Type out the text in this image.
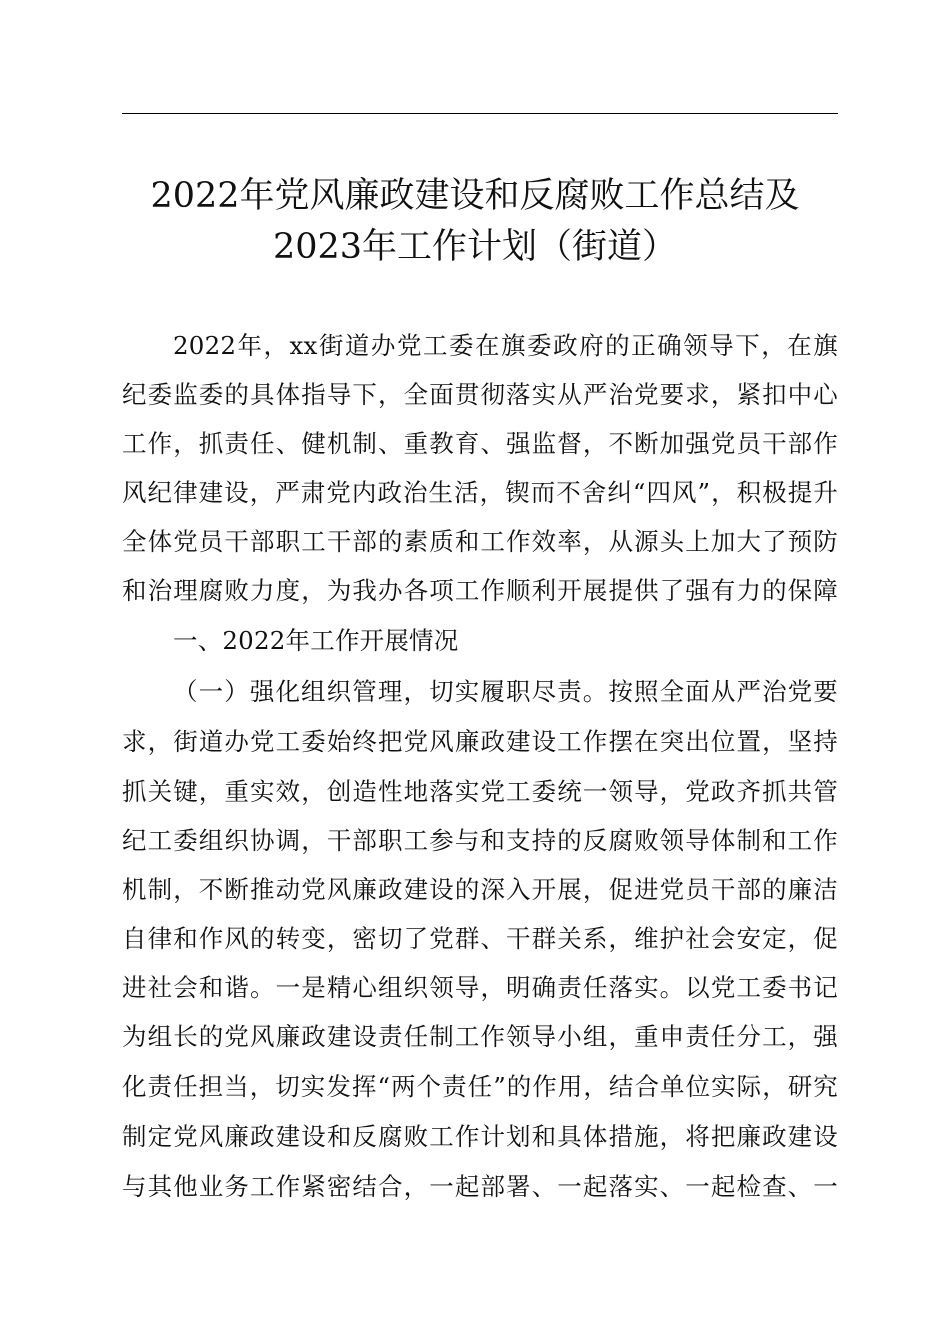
2022年党风廉政建设和反腐败工作总结及
2023年工作计划（街道）
2022年，xx街道办党工委在旗委政府的正确领导下，在旗
纪委监委的具体指导下，全面贯彻落实从严治党要求，紧扣中心
工作，抓责任、健机制、重教育、强监督，不断加强党员干部作
风纪律建设，严肃党内政治生活，锲而不舍纠“四风”，积极提升
全体党员干部职工干部的素质和工作效率，从源头上加大了预防
和治理腐败力度，为我办各项工作顺利开展提供了强有力的保障
一、2022年工作开展情况
（一）强化组织管理，切实履职尽责。按照全面从严治党要
求，街道办党工委始终把党风廉政建设工作摆在突出位置，坚持
抓关键，重实效，创造性地落实党工委统一领导，党政齐抓共管
纪工委组织协调，干部职工参与和支持的反腐败领导体制和工作
机制，不断推动党风廉政建设的深入开展，促进党员干部的廉洁
自律和作风的转变，密切了党群、干群关系，维护社会安定，促
进社会和谐。一是精心组织领导，明确责任落实。以党工委书记
为组长的党风廉政建设责任制工作领导小组，重申责任分工，强
化责任担当，切实发挥“两个责任”的作用，结合单位实际，研究
制定党风廉政建设和反腐败工作计划和具体措施，将把廉政建设
与其他业务工作紧密结合，一起部署、一起落实、一起检查、一
